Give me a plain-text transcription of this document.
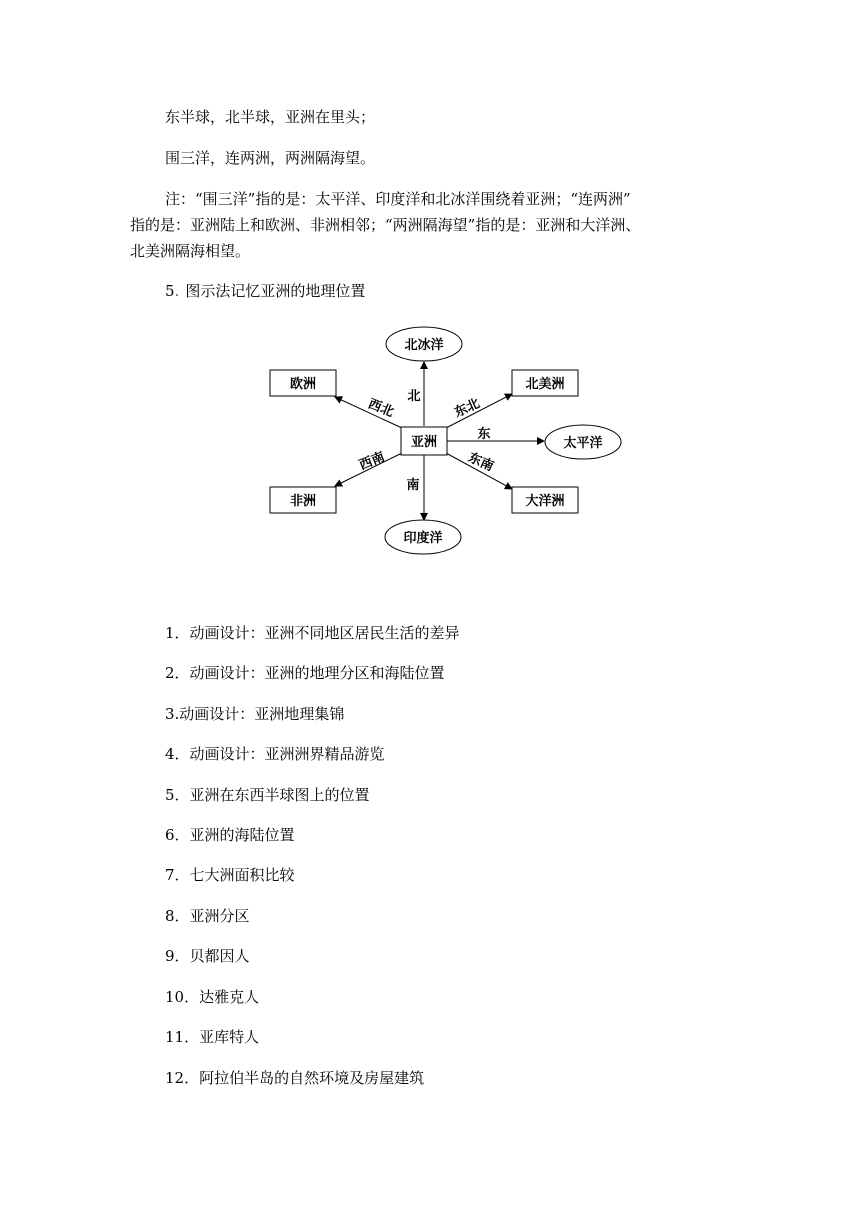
东半球，北半球，亚洲在里头；
围三洋，连两洲，两洲隔海望。
注：“围三洋”指的是：太平洋、印度洋和北冰洋围绕着亚洲；“连两洲”
指的是：亚洲陆上和欧洲、非洲相邻；“两洲隔海望”指的是：亚洲和大洋洲、
北美洲隔海相望。
5. 图示法记忆亚洲的地理位置
亚洲
北冰洋
太平洋
印度洋
欧洲	北美洲
非洲	大洋洲
北
西北	东北
东
西南	东南
南
1．动画设计：亚洲不同地区居民生活的差异
2．动画设计：亚洲的地理分区和海陆位置
3.动画设计：亚洲地理集锦
4．动画设计：亚洲洲界精品游览
5．亚洲在东西半球图上的位置
6．亚洲的海陆位置
7．七大洲面积比较
8．亚洲分区
9．贝都因人
10．达雅克人
11．亚库特人
12．阿拉伯半岛的自然环境及房屋建筑
